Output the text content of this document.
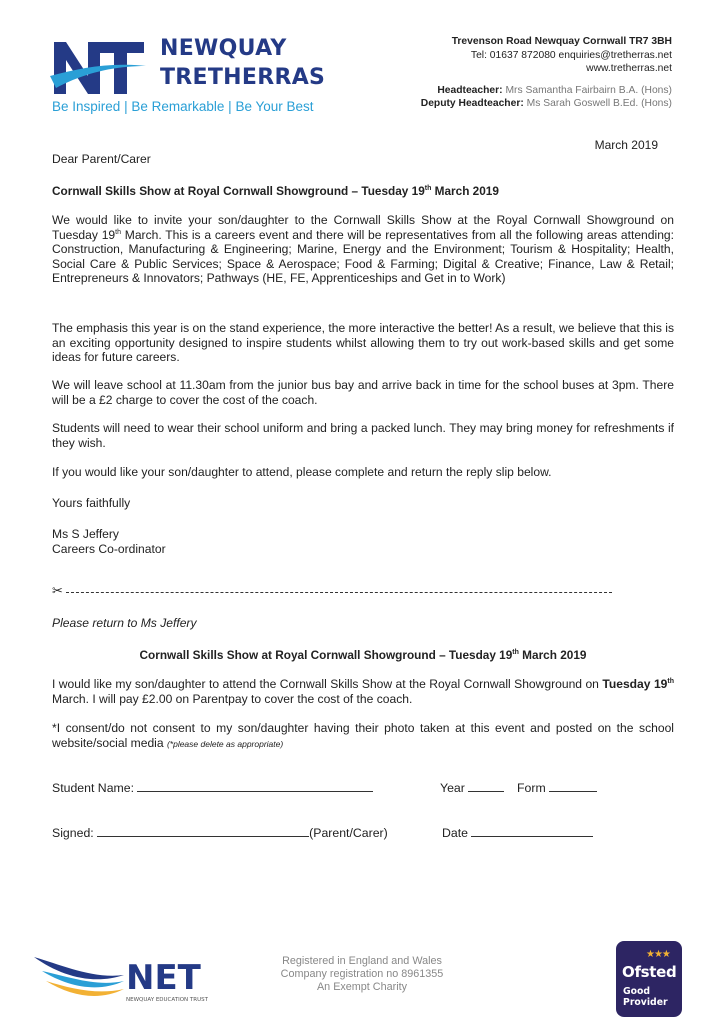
NT
NEWQUAY
TRETHERRAS
Be Inspired | Be Remarkable | Be Your Best
Trevenson Road Newquay Cornwall TR7 3BH
Tel: 01637 872080 enquiries@tretherras.net
www.tretherras.net
Headteacher: Mrs Samantha Fairbairn B.A. (Hons)
Deputy Headteacher: Ms Sarah Goswell B.Ed. (Hons)
March 2019
Dear Parent/Carer
Cornwall Skills Show at Royal Cornwall Showground – Tuesday 19th March 2019
We would like to invite your son/daughter to the Cornwall Skills Show at the Royal Cornwall Showground on Tuesday 19th March. This is a careers event and there will be representatives from all the following areas attending: Construction, Manufacturing & Engineering; Marine, Energy and the Environment; Tourism & Hospitality; Health, Social Care & Public Services; Space & Aerospace; Food & Farming; Digital & Creative; Finance, Law & Retail; Entrepreneurs & Innovators; Pathways (HE, FE, Apprenticeships and Get in to Work)
The emphasis this year is on the stand experience, the more interactive the better! As a result, we believe that this is an exciting opportunity designed to inspire students whilst allowing them to try out work-based skills and get some ideas for future careers.
We will leave school at 11.30am from the junior bus bay and arrive back in time for the school buses at 3pm. There will be a £2 charge to cover the cost of the coach.
Students will need to wear their school uniform and bring a packed lunch. They may bring money for refreshments if they wish.
If you would like your son/daughter to attend, please complete and return the reply slip below.
Yours faithfully
Ms S Jeffery
Careers Co-ordinator
✂
Please return to Ms Jeffery
Cornwall Skills Show at Royal Cornwall Showground – Tuesday 19th March 2019
I would like my son/daughter to attend the Cornwall Skills Show at the Royal Cornwall Showground on Tuesday 19th March. I will pay £2.00 on Parentpay to cover the cost of the coach.
*I consent/do not consent to my son/daughter having their photo taken at this event and posted on the school website/social media (*please delete as appropriate)
Student Name:	Year	Form
Signed:	(Parent/Carer)	Date
NET
NEWQUAY EDUCATION TRUST
Registered in England and Wales
Company registration no 8961355
An Exempt Charity
★★★
Ofsted
Good
Provider
